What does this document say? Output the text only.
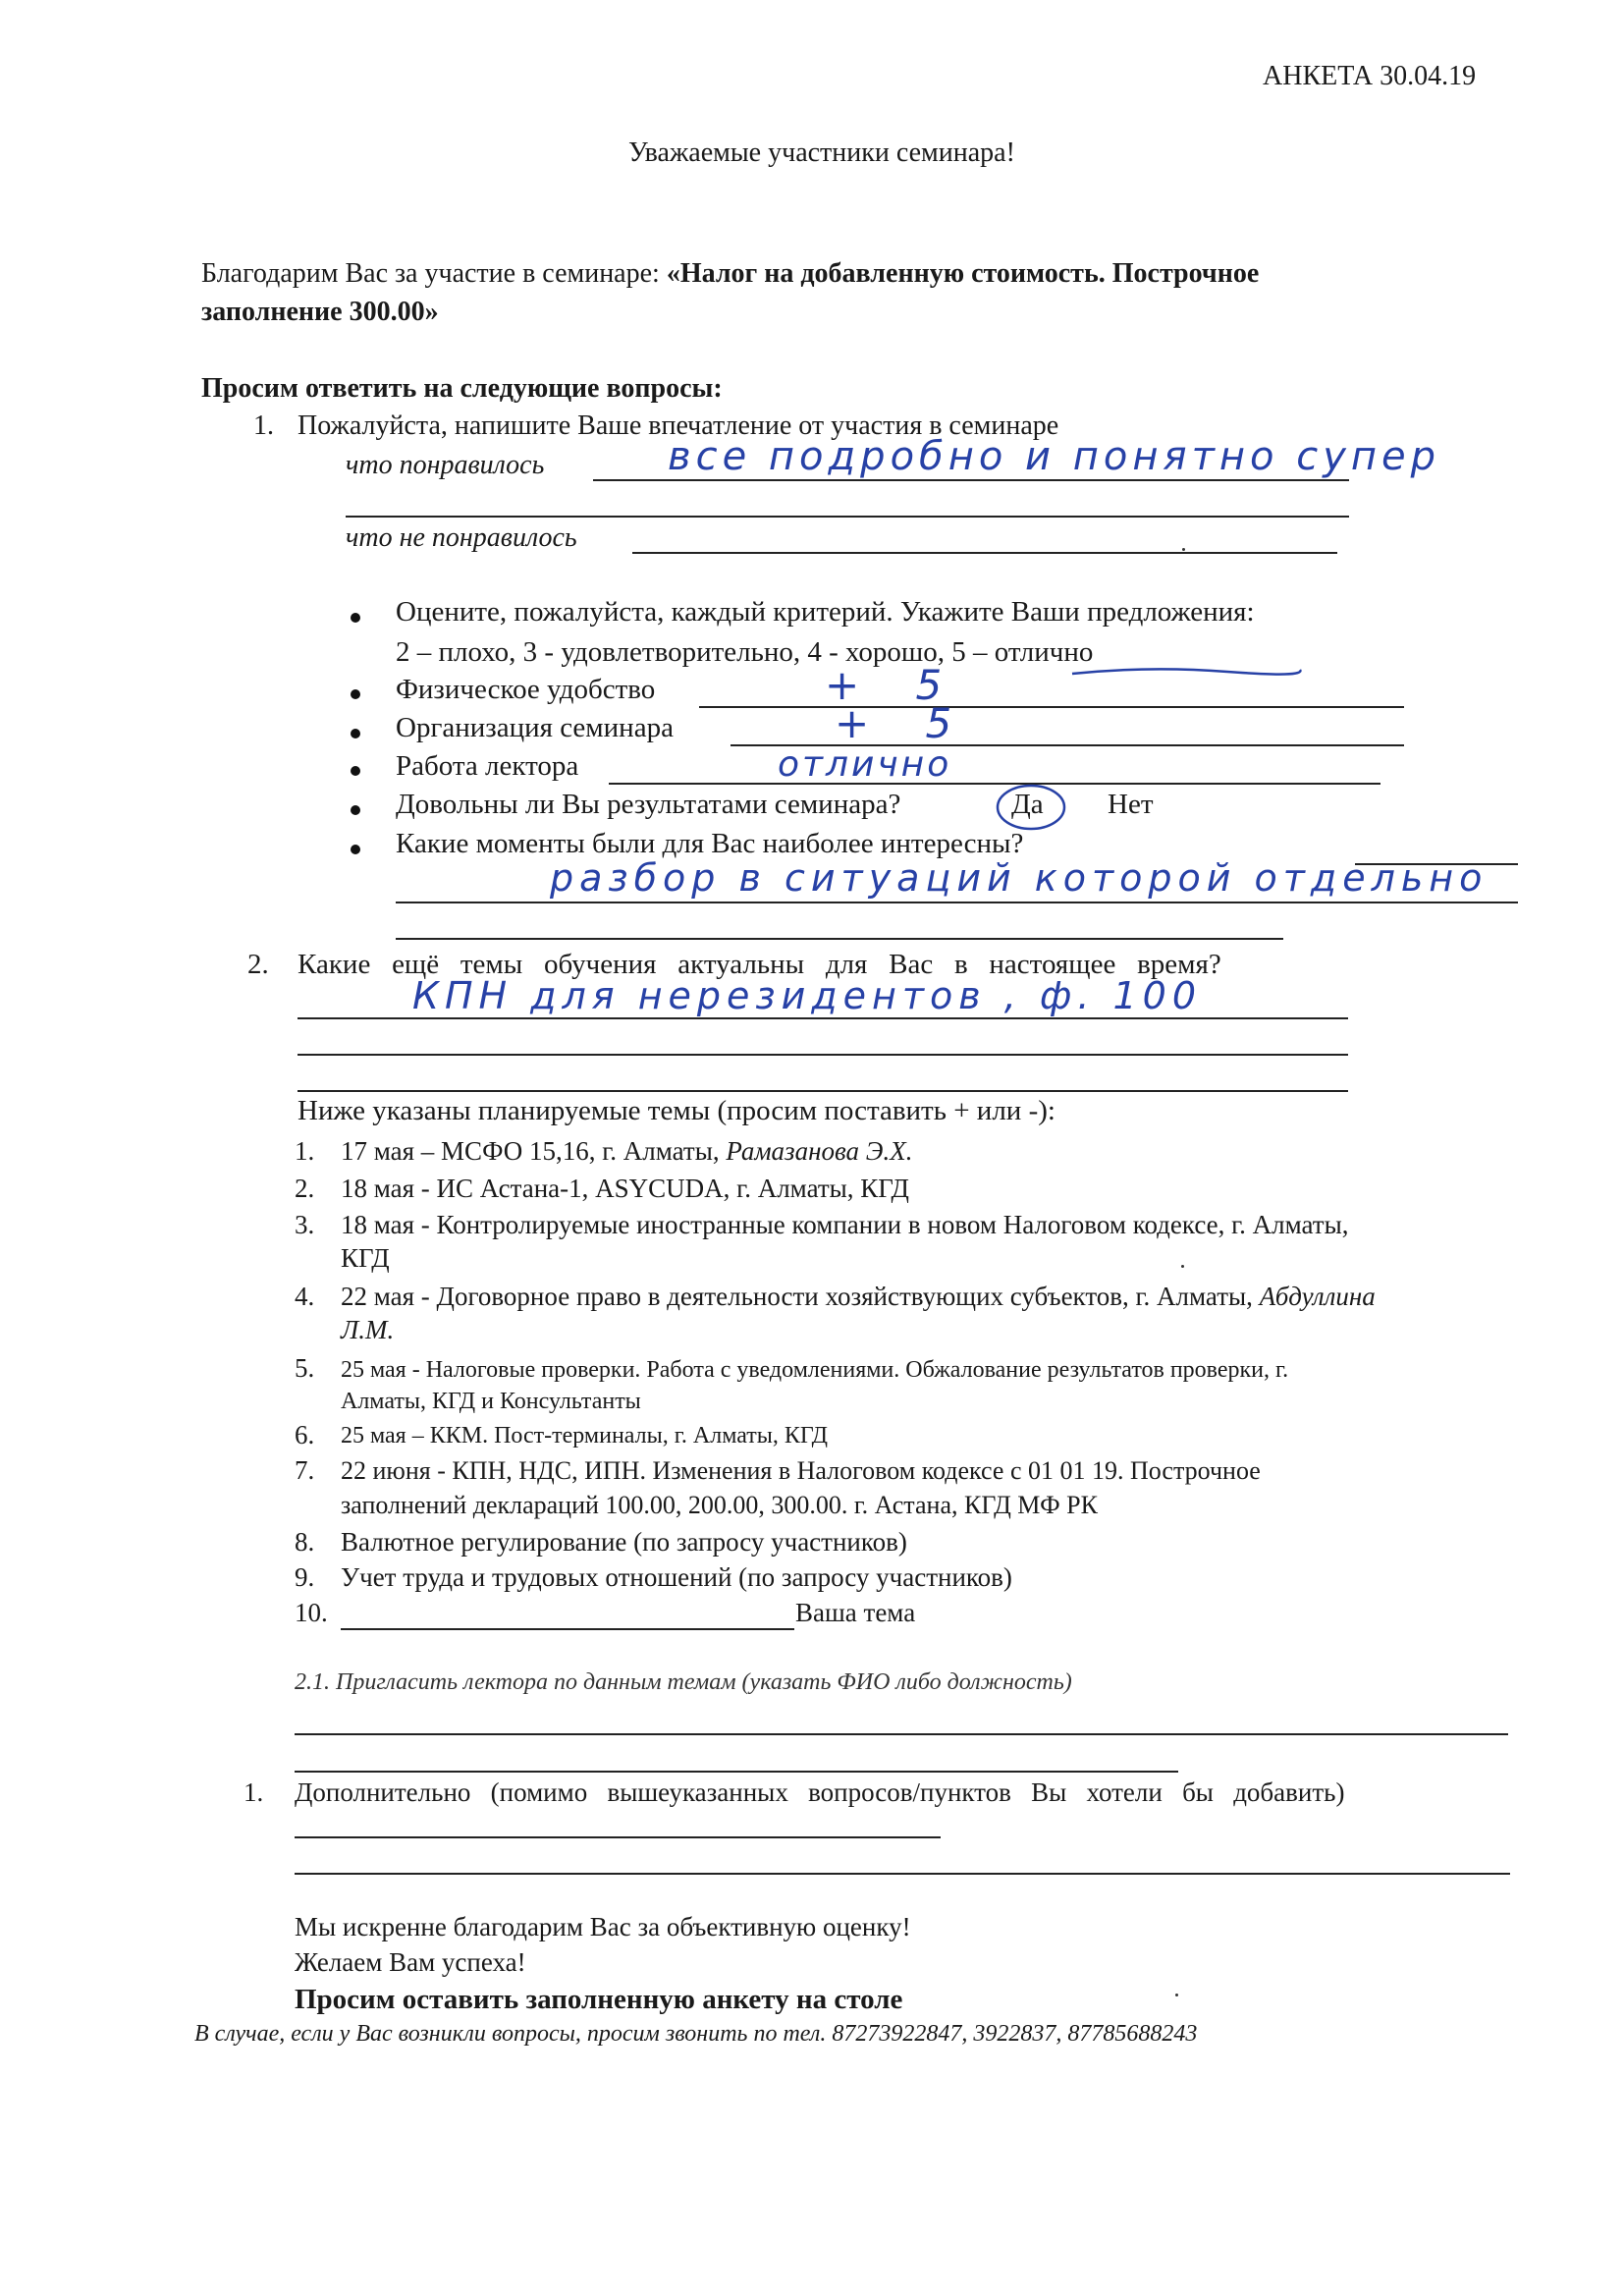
АНКЕТА 30.04.19
Уважаемые участники семинара!
Благодарим Вас за участие в семинаре: «Налог на добавленную стоимость. Построчное
заполнение 300.00»
Просим ответить на следующие вопросы:
1. Пожалуйста, напишите Ваше впечатление от участия в семинаре
что понравилось	все подробно и понятно супер
что не понравилось
Оцените, пожалуйста, каждый критерий. Укажите Ваши предложения:
2 – плохо, 3 - удовлетворительно, 4 - хорошо, 5 – отлично
Физическое удобство	+ 5
Организация семинара	+ 5
Работа лектора	отлично
Довольны ли Вы результатами семинара?	Да Нет
Какие моменты были для Вас наиболее интересны?
разбор в ситуаций которой отдельно
2. Какие   ещё   темы   обучения   актуальны   для   Вас   в   настоящее   время?
КПН для нерезидентов , ф. 100
Ниже указаны планируемые темы (просим поставить + или -):
1. 17 мая – МСФО 15,16, г. Алматы, Рамазанова Э.Х.
2. 18 мая - ИС Астана-1, ASYCUDA, г. Алматы, КГД
3. 18 мая - Контролируемые иностранные компании в новом Налоговом кодексе, г. Алматы,
КГД
4. 22 мая - Договорное право в деятельности хозяйствующих субъектов, г. Алматы, Абдуллина
Л.М.
5. 25 мая - Налоговые проверки. Работа с уведомлениями. Обжалование результатов проверки, г.
Алматы, КГД и Консультанты
6. 25 мая – ККМ. Пост-терминалы, г. Алматы, КГД
7. 22 июня - КПН, НДС, ИПН. Изменения в Налоговом кодексе с 01 01 19. Построчное
заполнений деклараций 100.00, 200.00, 300.00. г. Астана, КГД МФ РК
8. Валютное регулирование (по запросу участников)
9. Учет труда и трудовых отношений (по запросу участников)
10.	Ваша тема
2.1. Пригласить лектора по данным темам (указать ФИО либо должность)
1. Дополнительно   (помимо   вышеуказанных   вопросов/пунктов   Вы   хотели   бы   добавить)
Мы искренне благодарим Вас за объективную оценку!
Желаем Вам успеха!
Просим оставить заполненную анкету на столе
В случае, если у Вас возникли вопросы, просим звонить по тел. 87273922847, 3922837, 87785688243
